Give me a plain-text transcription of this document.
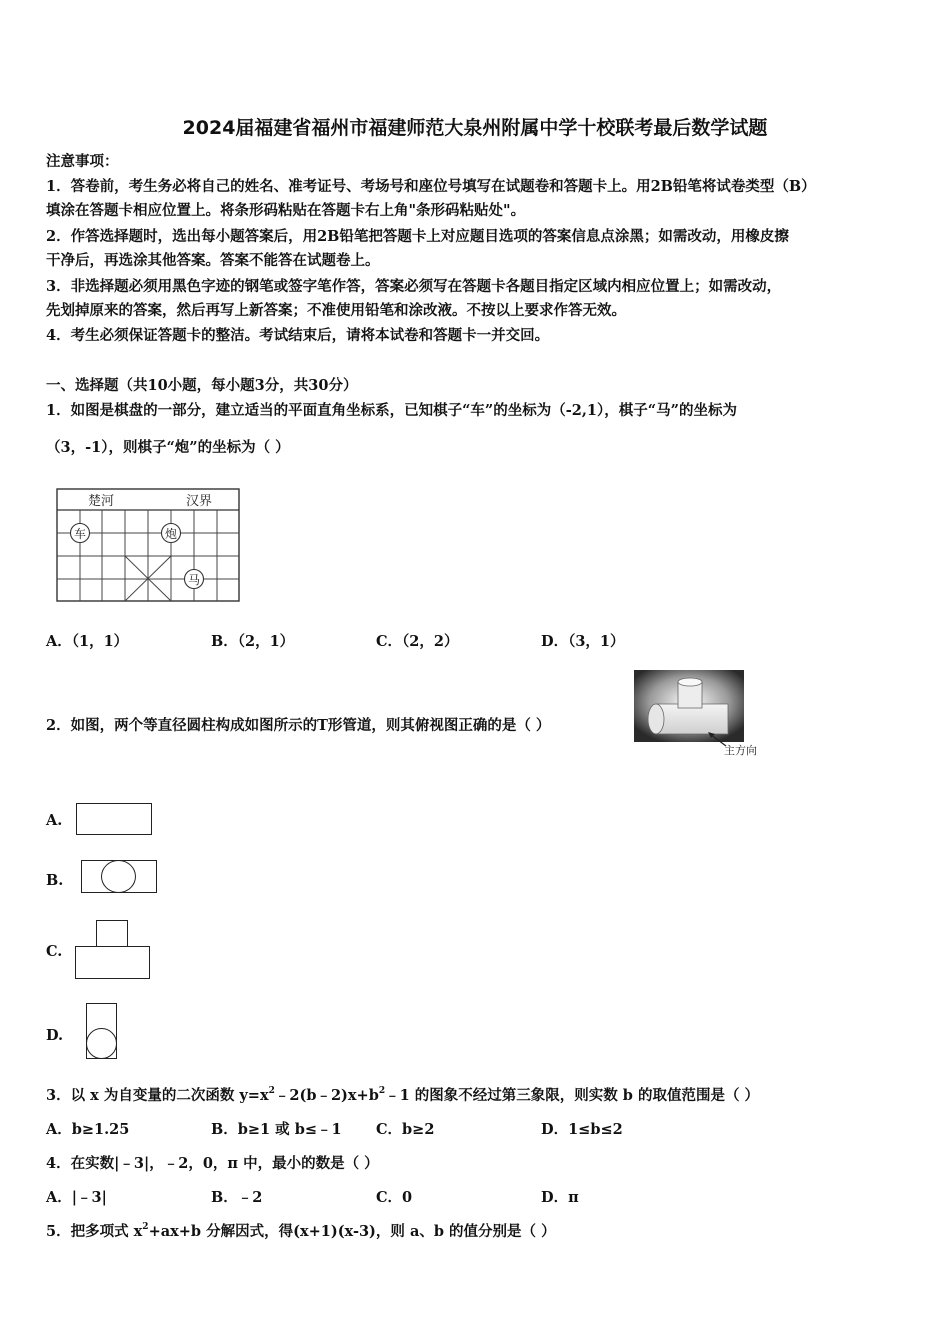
2024届福建省福州市福建师范大泉州附属中学十校联考最后数学试题
注意事项：
1．答卷前，考生务必将自己的姓名、准考证号、考场号和座位号填写在试题卷和答题卡上。用2B铅笔将试卷类型（B）
填涂在答题卡相应位置上。将条形码粘贴在答题卡右上角"条形码粘贴处"。
2．作答选择题时，选出每小题答案后，用2B铅笔把答题卡上对应题目选项的答案信息点涂黑；如需改动，用橡皮擦
干净后，再选涂其他答案。答案不能答在试题卷上。
3．非选择题必须用黑色字迹的钢笔或签字笔作答，答案必须写在答题卡各题目指定区域内相应位置上；如需改动，
先划掉原来的答案，然后再写上新答案；不准使用铅笔和涂改液。不按以上要求作答无效。
4．考生必须保证答题卡的整洁。考试结束后，请将本试卷和答题卡一并交回。
一、选择题（共10小题，每小题3分，共30分）
1．如图是棋盘的一部分，建立适当的平面直角坐标系，已知棋子“车”的坐标为（-2,1），棋子“马”的坐标为
（3，-1），则棋子“炮”的坐标为（ ）
楚河	汉界
车	炮
马
A．（1，1）	B．（2，1）	C．（2，2）	D．（3，1）
2．如图，两个等直径圆柱构成如图所示的T形管道，则其俯视图正确的是（ ）
主方向
A.
B.
C.
D.
3．以 x 为自变量的二次函数 $y=x^2﹣2(b﹣2)x+b^2﹣1$ 的图象不经过第三象限，则实数 b 的取值范围是（ ）
A．b≥1.25	B．b≥1 或 b≤﹣1 C．b≥2	D．1≤b≤2
4．在实数|﹣3|，﹣2，0，π 中，最小的数是（ ）
A．|﹣3|	B．﹣2	C．0	D．π
5．把多项式 $x^2+ax+b$ 分解因式，得(x+1)(x-3)，则 a、b 的值分别是（ ）
